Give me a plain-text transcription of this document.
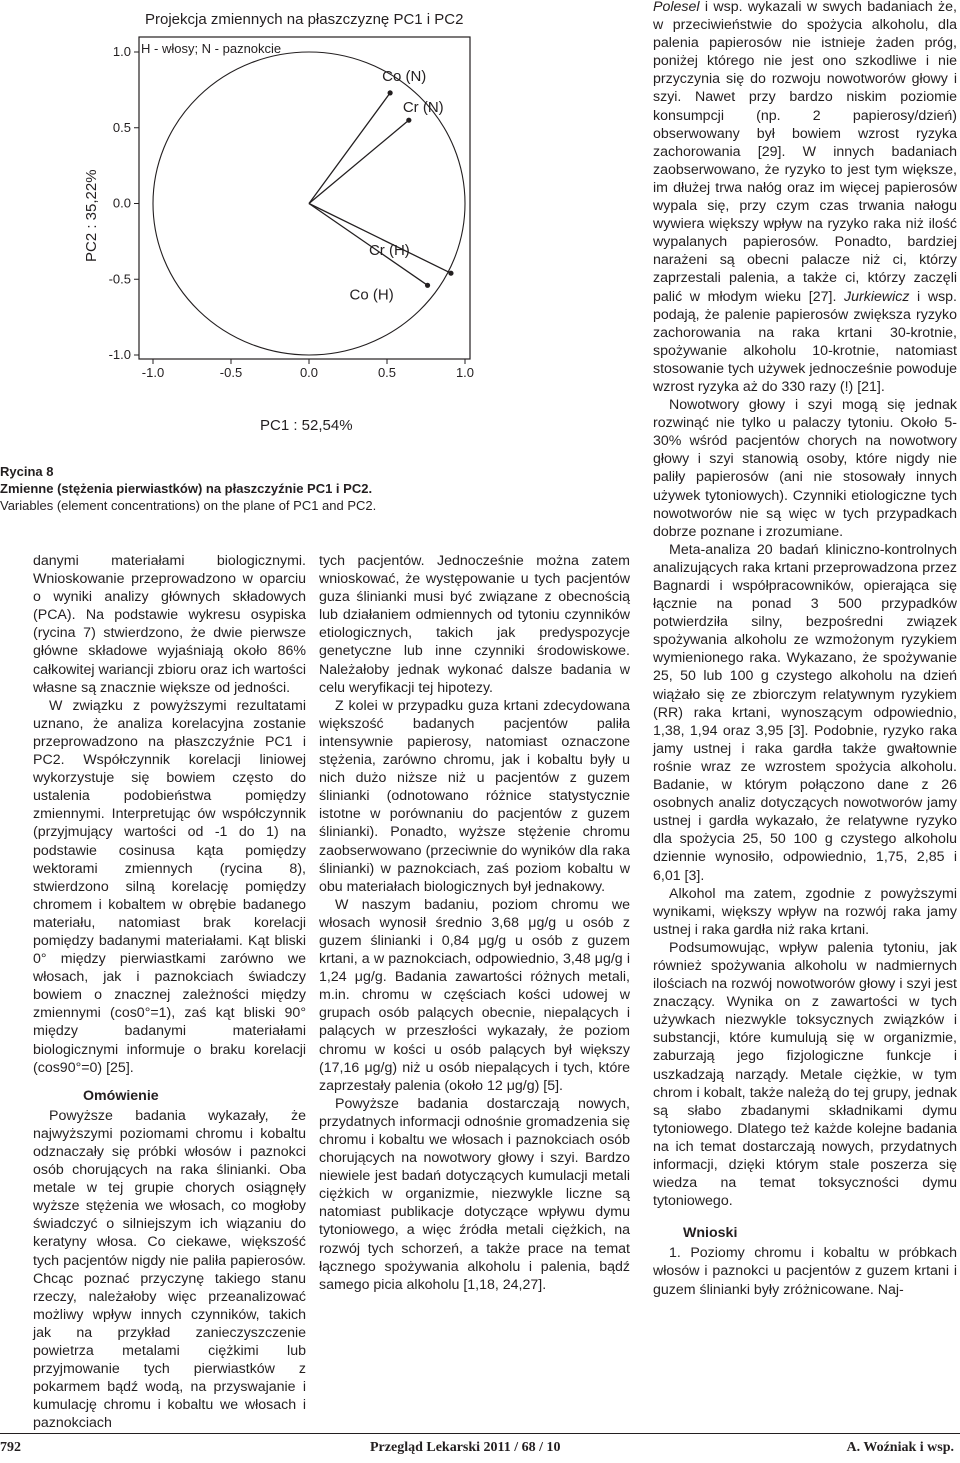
Projekcja zmiennych na płaszczyznę PC1 i PC2
H - włosy; N - paznokcie
-1.0	-0.5	0.0	0.5	1.0
1.0
0.5
0.0
-0.5
-1.0
Co (N)
Cr (N)
Cr (H)
Co (H)
PC1 : 52,54%
PC2 : 35,22%
Rycina 8
Zmienne (stężenia pierwiastków) na płaszczyźnie PC1 i PC2.
Variables (element concentrations) on the plane of PC1 and PC2.

danymi materiałami biologicznymi. Wnioskowanie przeprowadzono w oparciu o wyniki analizy głównych składowych (PCA). Na podstawie wykresu osypiska (rycina 7) stwierdzono, że dwie pierwsze główne składowe wyjaśniają około 86% całkowitej wariancji zbioru oraz ich wartości własne są znacznie większe od jedności.

W związku z powyższymi rezultatami uznano, że analiza korelacyjna zostanie przeprowadzono na płaszczyźnie PC1 i PC2. Współczynnik korelacji liniowej wykorzystuje się bowiem często do ustalenia podobieństwa pomiędzy zmiennymi. Interpretując ów współczynnik (przyjmujący wartości od -1 do 1) na podstawie cosinusa kąta pomiędzy wektorami zmiennych (rycina 8), stwierdzono silną korelację pomiędzy chromem i kobaltem w obrębie badanego materiału, natomiast brak korelacji pomiędzy badanymi materiałami. Kąt bliski 0° między pierwiastkami zarówno we włosach, jak i paznokciach świadczy bowiem o znacznej zależności między zmiennymi (cos0°=1), zaś kąt bliski 90° między badanymi materiałami biologicznymi informuje o braku korelacji (cos90°=0) [25].

Omówienie

Powyższe badania wykazały, że najwyższymi poziomami chromu i kobaltu odznaczały się próbki włosów i paznokci osób chorujących na raka ślinianki. Oba metale w tej grupie chorych osiągnęły wyższe stężenia we włosach, co mogłoby świadczyć o silniejszym ich wiązaniu do keratyny włosa. Co ciekawe, większość tych pacjentów nigdy nie paliła papierosów. Chcąc poznać przyczynę takiego stanu rzeczy, należałoby więc przeanalizować możliwy wpływ innych czynników, takich jak na przykład zanieczyszczenie powietrza metalami ciężkimi lub przyjmowanie tych pierwiastków z pokarmem bądź wodą, na przyswajanie i kumulację chromu i kobaltu we włosach i paznokciach

tych pacjentów. Jednocześnie można zatem wnioskować, że występowanie u tych pacjentów guza ślinianki musi być związane z obecnością lub działaniem odmiennych od tytoniu czynników etiologicznych, takich jak predyspozycje genetyczne lub inne czynniki środowiskowe. Należałoby jednak wykonać dalsze badania w celu weryfikacji tej hipotezy.

Z kolei w przypadku guza krtani zdecydowana większość badanych pacjentów paliła intensywnie papierosy, natomiast oznaczone stężenia, zarówno chromu, jak i kobaltu były u nich dużo niższe niż u pacjentów z guzem ślinianki (odnotowano różnice statystycznie istotne w porównaniu do pacjentów z guzem ślinianki). Ponadto, wyższe stężenie chromu zaobserwowano (przeciwnie do wyników dla raka ślinianki) w paznokciach, zaś poziom kobaltu w obu materiałach biologicznych był jednakowy.

W naszym badaniu, poziom chromu we włosach wynosił średnio 3,68 μg/g u osób z guzem ślinianki i 0,84 μg/g u osób z guzem krtani, a w paznokciach, odpowiednio, 3,48 μg/g i 1,24 μg/g. Badania zawartości różnych metali, m.in. chromu w częściach kości udowej w grupach osób palących obecnie, niepalących i palących w przeszłości wykazały, że poziom chromu w kości u osób palących był większy (17,16 μg/g) niż u osób niepalących i tych, które zaprzestały palenia (około 12 μg/g) [5].

Powyższe badania dostarczają nowych, przydatnych informacji odnośnie gromadzenia się chromu i kobaltu we włosach i paznokciach osób chorujących na nowotwory głowy i szyi. Bardzo niewiele jest badań dotyczących kumulacji metali ciężkich w organizmie, niezwykle liczne są natomiast publikacje dotyczące wpływu dymu tytoniowego, a więc źródła metali ciężkich, na rozwój tych schorzeń, a także prace na temat łącznego spożywania alkoholu i palenia, bądź samego picia alkoholu [1,18, 24,27].

Polesel i wsp. wykazali w swych badaniach że, w przeciwieństwie do spożycia alkoholu, dla palenia papierosów nie istnieje żaden próg, poniżej którego nie jest ono szkodliwe i nie przyczynia się do rozwoju nowotworów głowy i szyi. Nawet przy bardzo niskim poziomie konsumpcji (np. 2 papierosy/dzień) obserwowany był bowiem wzrost ryzyka zachorowania [29]. W innych badaniach zaobserwowano, że ryzyko to jest tym większe, im dłużej trwa nałóg oraz im więcej papierosów wypala się, przy czym czas trwania nałogu wywiera większy wpływ na ryzyko raka niż ilość wypalanych papierosów. Ponadto, bardziej narażeni są obecni palacze niż ci, którzy zaprzestali palenia, a także ci, którzy zaczęli palić w młodym wieku [27]. Jurkiewicz i wsp. podają, że palenie papierosów zwiększa ryzyko zachorowania na raka krtani 30-krotnie, spożywanie alkoholu 10-krotnie, natomiast stosowanie tych używek jednocześnie powoduje wzrost ryzyka aż do 330 razy (!) [21].

Nowotwory głowy i szyi mogą się jednak rozwinąć nie tylko u palaczy tytoniu. Około 5-30% wśród pacjentów chorych na nowotwory głowy i szyi stanowią osoby, które nigdy nie paliły papierosów (ani nie stosowały innych używek tytoniowych). Czynniki etiologiczne tych nowotworów nie są więc w tych przypadkach dobrze poznane i zrozumiane.

Meta-analiza 20 badań kliniczno-kontrolnych analizujących raka krtani przeprowadzona przez Bagnardi i współpracowników, opierająca się łącznie na ponad 3 500 przypadków potwierdziła silny, bezpośredni związek spożywania alkoholu ze wzmożonym ryzykiem wymienionego raka. Wykazano, że spożywanie 25, 50 lub 100 g czystego alkoholu na dzień wiążało się ze zbiorczym relatywnym ryzykiem (RR) raka krtani, wynoszącym odpowiednio, 1,38, 1,94 oraz 3,95 [3]. Podobnie, ryzyko raka jamy ustnej i raka gardła także gwałtownie rośnie wraz ze wzrostem spożycia alkoholu. Badanie, w którym połączono dane z 26 osobnych analiz dotyczących nowotworów jamy ustnej i gardła wykazało, że relatywne ryzyko dla spożycia 25, 50 100 g czystego alkoholu dziennie wynosiło, odpowiednio, 1,75, 2,85 i 6,01 [3].

Alkohol ma zatem, zgodnie z powyższymi wynikami, większy wpływ na rozwój raka jamy ustnej i raka gardła niż raka krtani.

Podsumowując, wpływ palenia tytoniu, jak również spożywania alkoholu w nadmiernych ilościach na rozwój nowotworów głowy i szyi jest znaczący. Wynika on z zawartości w tych używkach niezwykle toksycznych związków i substancji, które kumulują się w organizmie, zaburzają jego fizjologiczne funkcje i uszkadzają narządy. Metale ciężkie, w tym chrom i kobalt, także należą do tej grupy, jednak są słabo zbadanymi składnikami dymu tytoniowego. Dlatego też każde kolejne badania na ich temat dostarczają nowych, przydatnych informacji, dzięki którym stale poszerza się wiedza na temat toksyczności dymu tytoniowego.

Wnioski

1. Poziomy chromu i kobaltu w próbkach włosów i paznokci u pacjentów z guzem krtani i guzem ślinianki były zróżnicowane. Naj-

792	Przegląd Lekarski 2011 / 68 / 10	A. Woźniak i wsp.
